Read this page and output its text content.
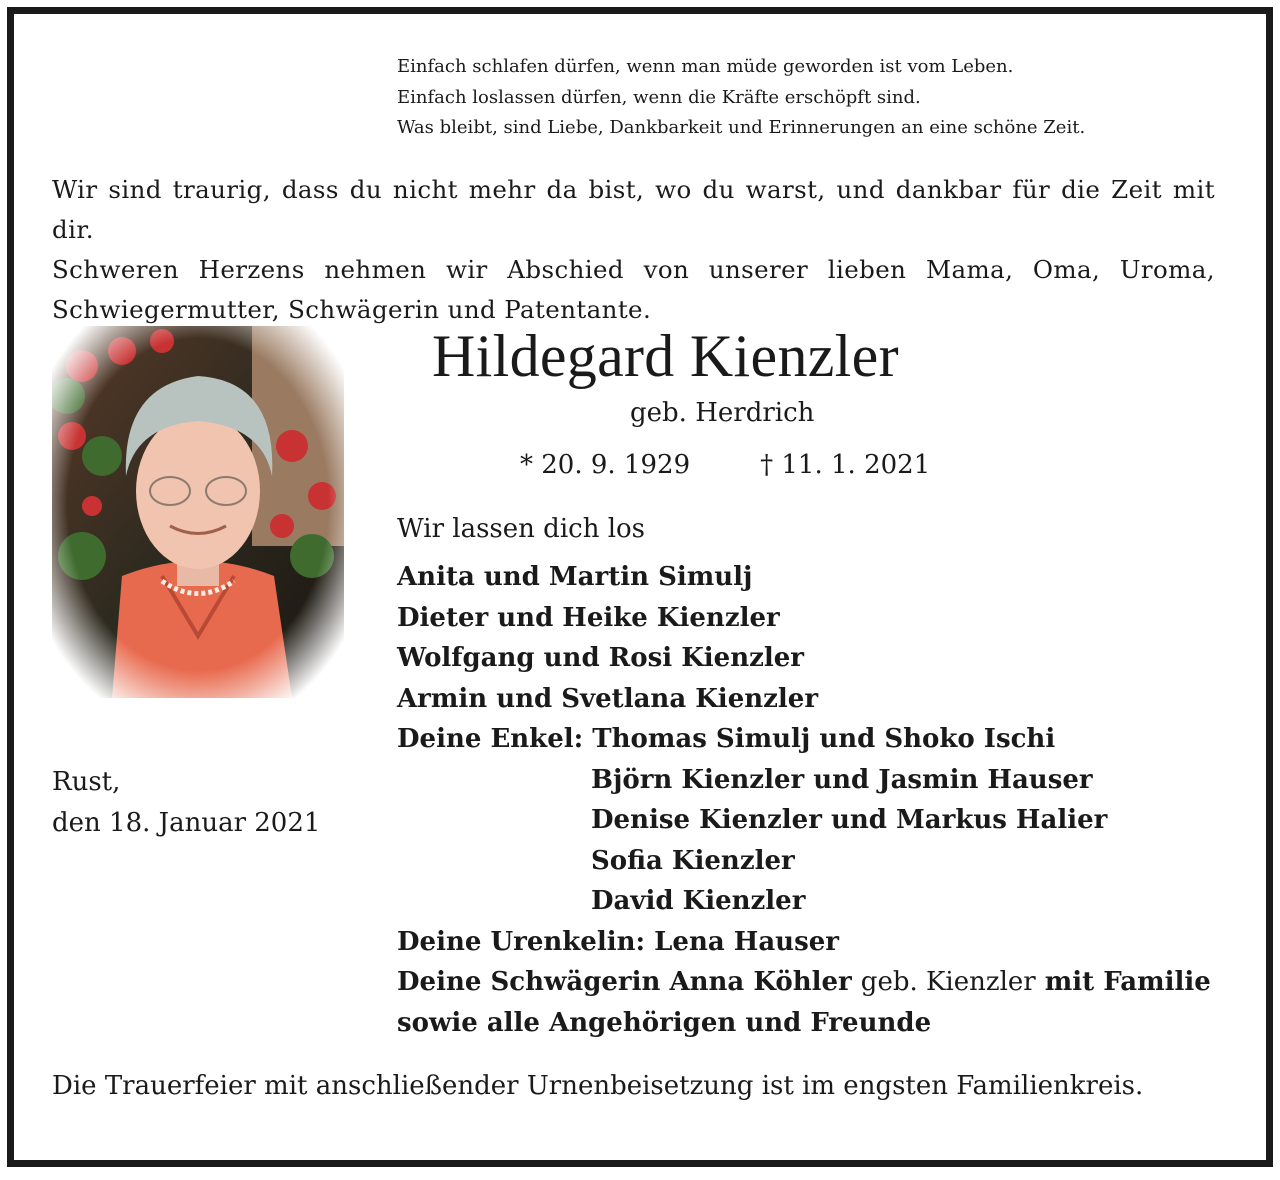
Einfach schlafen dürfen, wenn man müde geworden ist vom Leben.
Einfach loslassen dürfen, wenn die Kräfte erschöpft sind.
Was bleibt, sind Liebe, Dankbarkeit und Erinnerungen an eine schöne Zeit.
Wir sind traurig, dass du nicht mehr da bist, wo du warst, und dankbar für die Zeit mit dir.
Schweren Herzens nehmen wir Abschied von unserer lieben Mama, Oma, Uroma,
Schwiegermutter, Schwägerin und Patentante.
Hildegard Kienzler
geb. Herdrich
* 20. 9. 1929	† 11. 1. 2021
Wir lassen dich los
Anita und Martin Simulj
Dieter und Heike Kienzler
Wolfgang und Rosi Kienzler
Armin und Svetlana Kienzler
Deine Enkel: Thomas Simulj und Shoko Ischi
Björn Kienzler und Jasmin Hauser
Denise Kienzler und Markus Halier
Sofia Kienzler
David Kienzler
Deine Urenkelin: Lena Hauser
Deine Schwägerin Anna Köhler geb. Kienzler mit Familie
sowie alle Angehörigen und Freunde
Rust,
den 18. Januar 2021
Die Trauerfeier mit anschließender Urnenbeisetzung ist im engsten Familienkreis.
